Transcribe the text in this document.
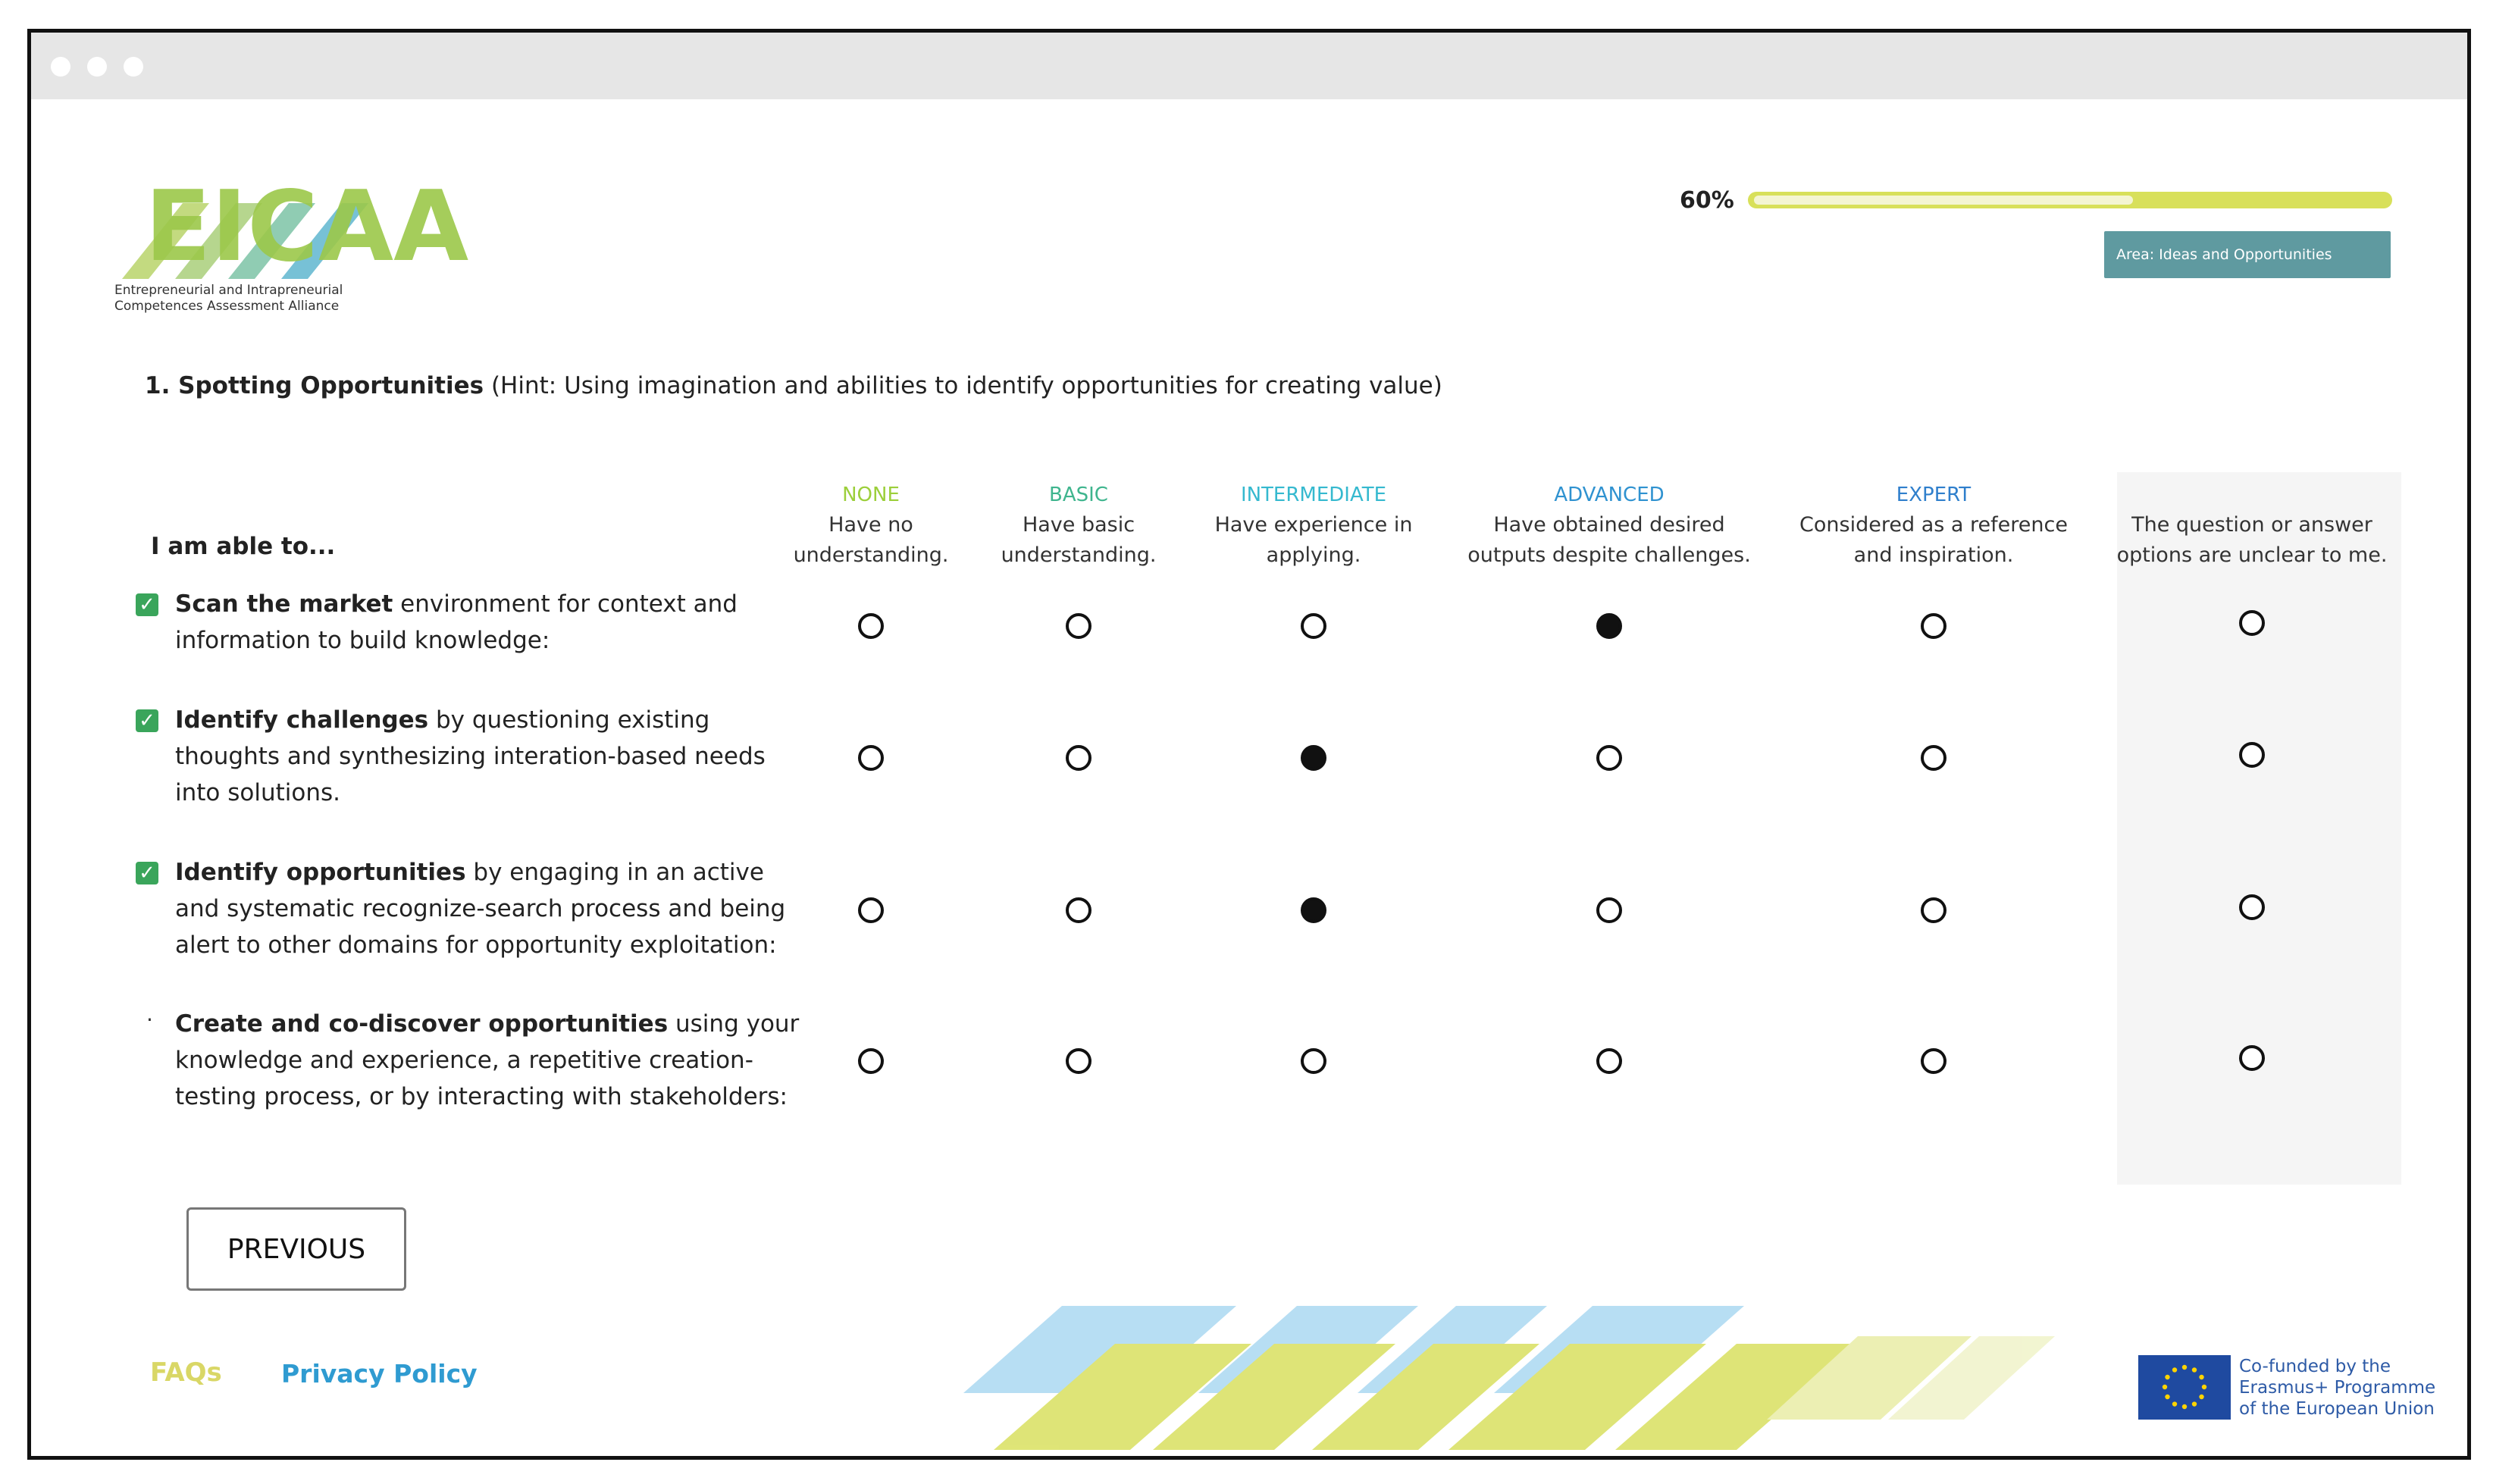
EICAA
Entrepreneurial and Intrapreneurial
Competences Assessment Alliance
60%
Area: Ideas and Opportunities
1. Spotting Opportunities (Hint: Using imagination and abilities to identify opportunities for creating value)
I am able to...
NONE
Have no
understanding.
BASIC
Have basic
understanding.
INTERMEDIATE
Have experience in
applying.
ADVANCED
Have obtained desired
outputs despite challenges.
EXPERT
Considered as a reference
and inspiration.
The question or answer
options are unclear to me.
✓ Scan the market environment for context and information to build knowledge:
✓ Identify challenges by questioning existing thoughts and synthesizing interation-based needs into solutions.
✓ Identify opportunities by engaging in an active and systematic recognize-search process and being alert to other domains for opportunity exploitation:
· Create and co-discover opportunities using your knowledge and experience, a repetitive creation-testing process, or by interacting with stakeholders:
PREVIOUS
FAQs Privacy Policy	Co-funded by the
Erasmus+ Programme
of the European Union
